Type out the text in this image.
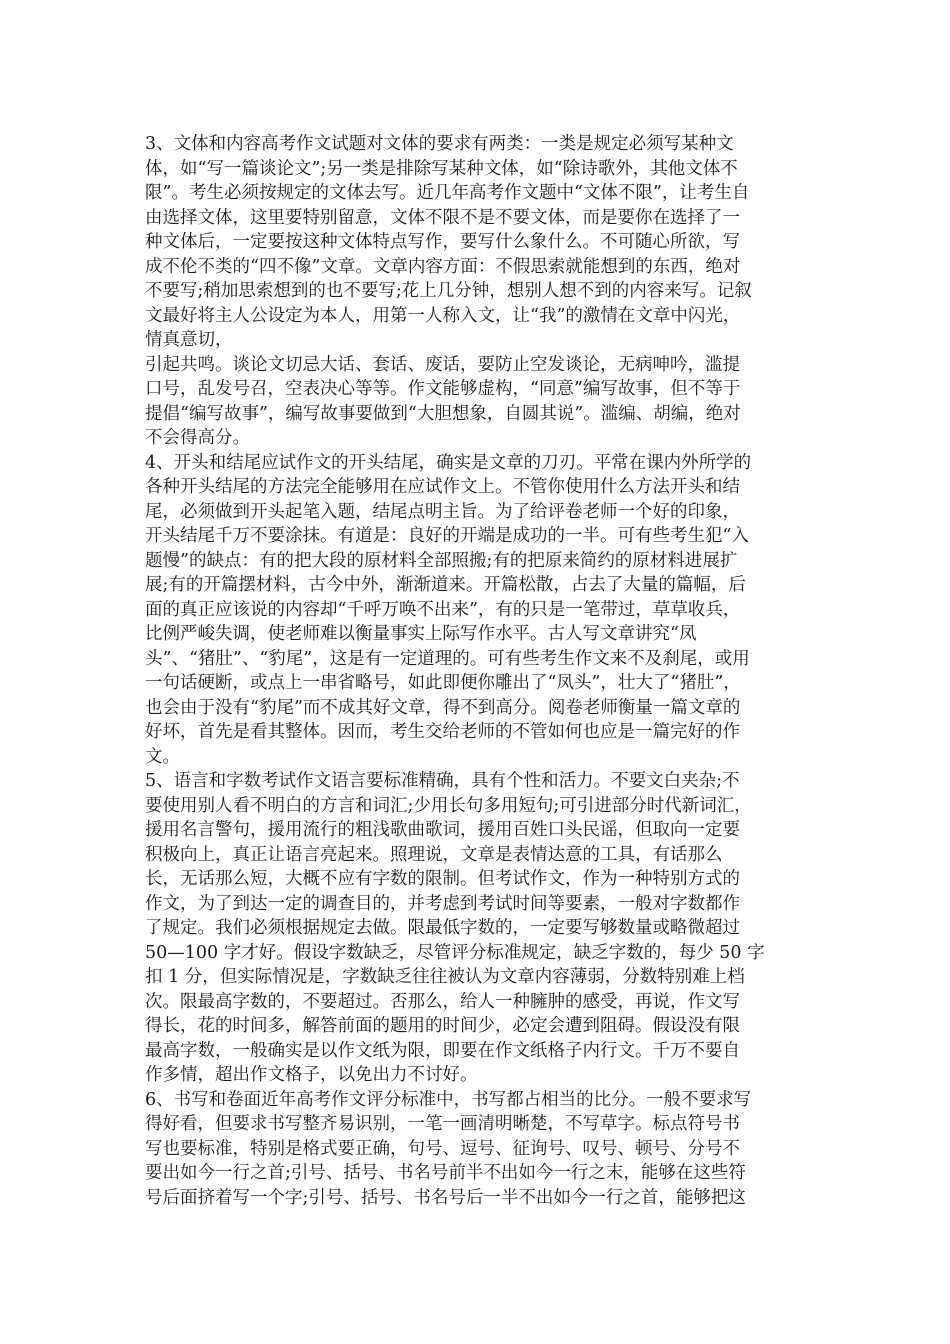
3、文体和内容高考作文试题对文体的要求有两类：一类是规定必须写某种文
体，如“写一篇谈论文”;另一类是排除写某种文体，如“除诗歌外，其他文体不
限”。考生必须按规定的文体去写。近几年高考作文题中“文体不限”，让考生自
由选择文体，这里要特别留意，文体不限不是不要文体，而是要你在选择了一
种文体后，一定要按这种文体特点写作，要写什么象什么。不可随心所欲，写
成不伦不类的“四不像”文章。文章内容方面：不假思索就能想到的东西，绝对
不要写;稍加思索想到的也不要写;花上几分钟，想别人想不到的内容来写。记叙
文最好将主人公设定为本人，用第一人称入文，让“我”的激情在文章中闪光，
情真意切，
引起共鸣。谈论文切忌大话、套话、废话，要防止空发谈论，无病呻吟，滥提
口号，乱发号召，空表决心等等。作文能够虚构，“同意”编写故事，但不等于
提倡“编写故事”，编写故事要做到“大胆想象，自圆其说”。滥编、胡编，绝对
不会得高分。
4、开头和结尾应试作文的开头结尾，确实是文章的刀刃。平常在课内外所学的
各种开头结尾的方法完全能够用在应试作文上。不管你使用什么方法开头和结
尾，必须做到开头起笔入题，结尾点明主旨。为了给评卷老师一个好的印象，
开头结尾千万不要涂抹。有道是：良好的开端是成功的一半。可有些考生犯“入
题慢”的缺点：有的把大段的原材料全部照搬;有的把原来简约的原材料进展扩
展;有的开篇摆材料，古今中外，渐渐道来。开篇松散，占去了大量的篇幅，后
面的真正应该说的内容却“千呼万唤不出来”，有的只是一笔带过，草草收兵，
比例严峻失调，使老师难以衡量事实上际写作水平。古人写文章讲究“凤
头”、“猪肚”、“豹尾”，这是有一定道理的。可有些考生作文来不及刹尾，或用
一句话硬断，或点上一串省略号，如此即便你雕出了“凤头”，壮大了“猪肚”，
也会由于没有“豹尾”而不成其好文章，得不到高分。阅卷老师衡量一篇文章的
好坏，首先是看其整体。因而，考生交给老师的不管如何也应是一篇完好的作
文。
5、语言和字数考试作文语言要标准精确，具有个性和活力。不要文白夹杂;不
要使用别人看不明白的方言和词汇;少用长句多用短句;可引进部分时代新词汇，
援用名言警句，援用流行的粗浅歌曲歌词，援用百姓口头民谣，但取向一定要
积极向上，真正让语言亮起来。照理说，文章是表情达意的工具，有话那么
长，无话那么短，大概不应有字数的限制。但考试作文，作为一种特别方式的
作文，为了到达一定的调查目的，并考虑到考试时间等要素，一般对字数都作
了规定。我们必须根据规定去做。限最低字数的，一定要写够数量或略微超过
50—100 字才好。假设字数缺乏，尽管评分标准规定，缺乏字数的，每少 50 字
扣 1 分，但实际情况是，字数缺乏往往被认为文章内容薄弱，分数特别难上档
次。限最高字数的，不要超过。否那么，给人一种臃肿的感受，再说，作文写
得长，花的时间多，解答前面的题用的时间少，必定会遭到阻碍。假设没有限
最高字数，一般确实是以作文纸为限，即要在作文纸格子内行文。千万不要自
作多情，超出作文格子，以免出力不讨好。
6、书写和卷面近年高考作文评分标准中，书写都占相当的比分。一般不要求写
得好看，但要求书写整齐易识别，一笔一画清明晰楚，不写草字。标点符号书
写也要标准，特别是格式要正确，句号、逗号、征询号、叹号、顿号、分号不
要出如今一行之首;引号、括号、书名号前半不出如今一行之末，能够在这些符
号后面挤着写一个字;引号、括号、书名号后一半不出如今一行之首，能够把这
